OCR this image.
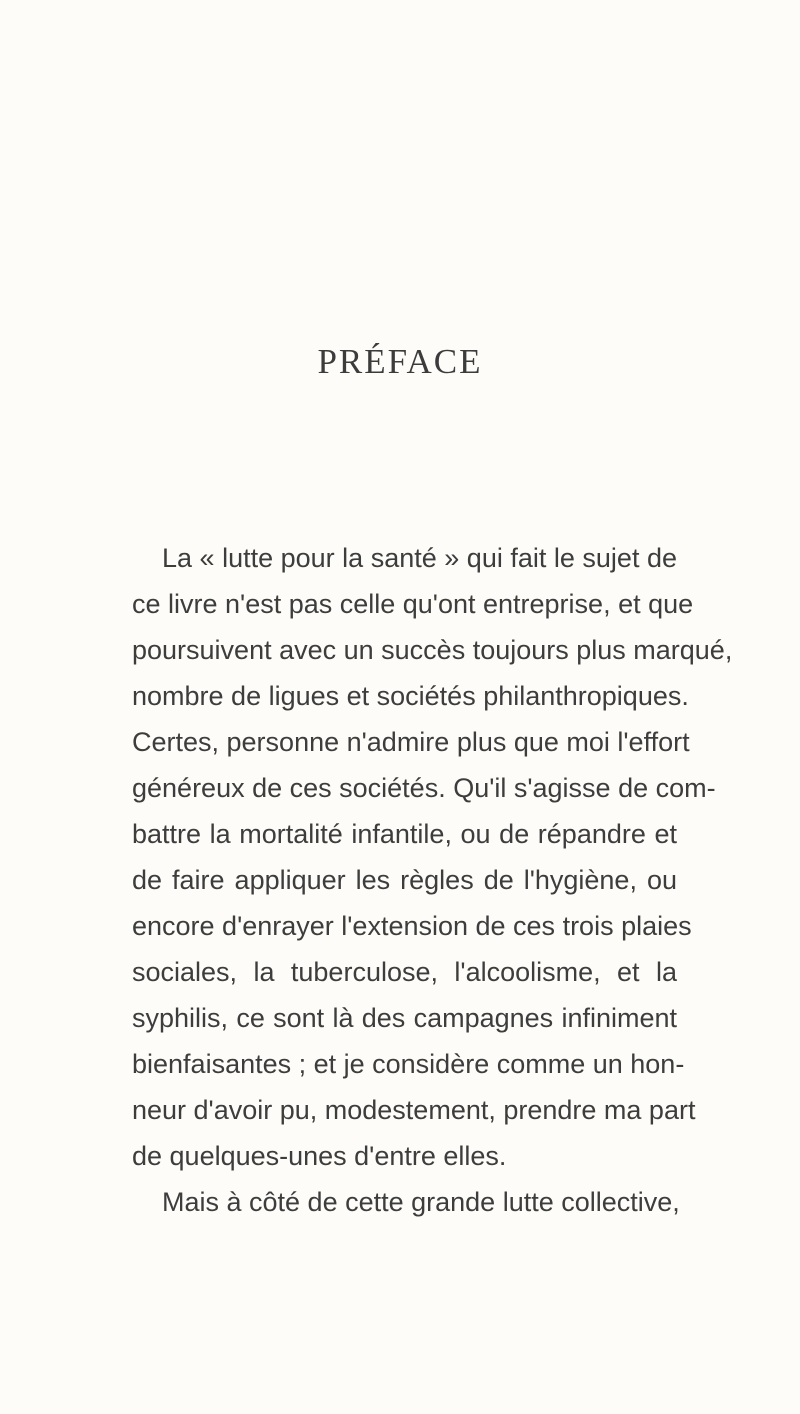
PRÉFACE
La « lutte pour la santé » qui fait le sujet de
ce livre n'est pas celle qu'ont entreprise, et que
poursuivent avec un succès toujours plus marqué,
nombre de ligues et sociétés philanthropiques.
Certes, personne n'admire plus que moi l'effort
généreux de ces sociétés. Qu'il s'agisse de com-
battre la mortalité infantile, ou de répandre et
de faire appliquer les règles de l'hygiène, ou
encore d'enrayer l'extension de ces trois plaies
sociales, la tuberculose, l'alcoolisme, et la
syphilis, ce sont là des campagnes infiniment
bienfaisantes ; et je considère comme un hon-
neur d'avoir pu, modestement, prendre ma part
de quelques-unes d'entre elles.
Mais à côté de cette grande lutte collective,
